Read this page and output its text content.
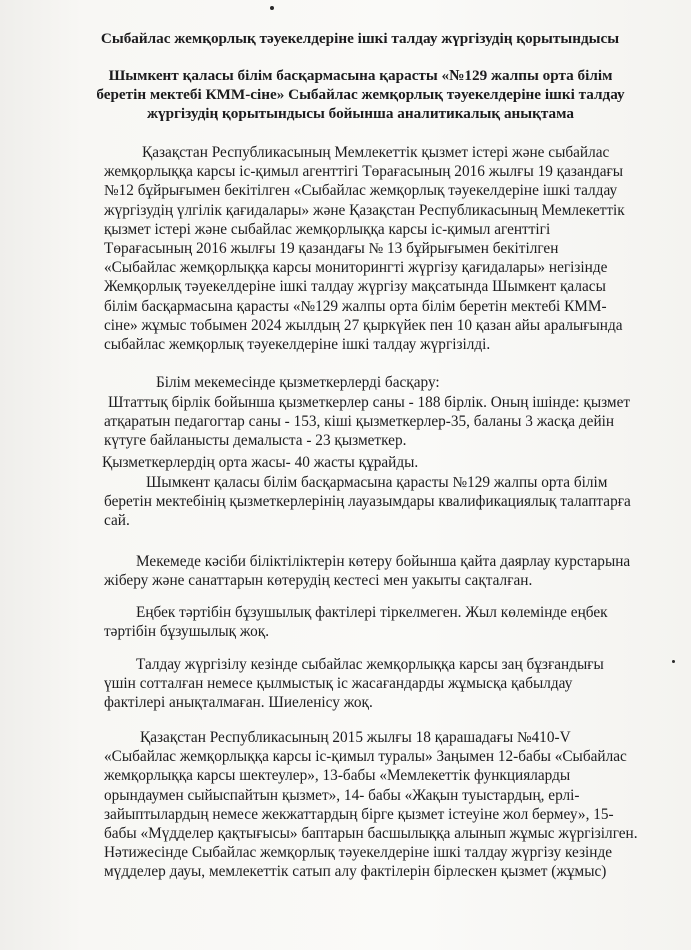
Сыбайлас жемқорлық тәуекелдеріне ішкі талдау жүргізудің қорытындысы
Шымкент қаласы білім басқармасына қарасты «№129 жалпы орта білім
беретін мектебі КММ-сіне» Сыбайлас жемқорлық тәуекелдеріне ішкі талдау
жүргізудің қорытындысы бойынша аналитикалық анықтама
Қазақстан Республикасының Мемлекеттік қызмет істері және сыбайлас
жемқорлыққа карсы іс-қимыл агенттігі Төрағасының 2016 жылғы 19 қазандағы
№12 бұйрығымен бекітілген «Сыбайлас жемқорлық тәуекелдеріне ішкі талдау
жүргізудің үлгілік қағидалары» және Қазақстан Республикасының Мемлекеттік
қызмет істері және сыбайлас жемқорлыққа карсы іс-қимыл агенттігі
Төрағасының 2016 жылғы 19 қазандағы № 13 бұйрығымен бекітілген
«Сыбайлас жемқорлыққа карсы мониторингті жүргізу қағидалары» негізінде
Жемқорлық тәуекелдеріне ішкі талдау жүргізу мақсатында Шымкент қаласы
білім басқармасына қарасты «№129 жалпы орта білім беретін мектебі КММ-
сіне» жұмыс тобымен 2024 жылдың 27 қыркүйек пен 10 қазан айы аралығында
сыбайлас жемқорлық тәуекелдеріне ішкі талдау жүргізілді.
Білім мекемесінде қызметкерлерді басқару:
Штаттық бірлік бойынша қызметкерлер саны - 188 бірлік. Оның ішінде: қызмет
атқаратын педагогтар саны - 153, кіші қызметкерлер-35, баланы 3 жасқа дейін
күтуге байланысты демалыста - 23 қызметкер.
Қызметкерлердің орта жасы- 40 жасты құрайды.
Шымкент қаласы білім басқармасына қарасты №129 жалпы орта білім
беретін мектебінің қызметкерлерінің лауазымдары квалификациялық талаптарға
сай.
Мекемеде кәсіби біліктіліктерін көтеру бойынша қайта даярлау курстарына
жіберу және санаттарын көтерудің кестесі мен уакыты сақталған.
Еңбек тәртібін бұзушылық фактілері тіркелмеген. Жыл көлемінде еңбек
тәртібін бұзушылық жоқ.
Талдау жүргізілу кезінде сыбайлас жемқорлыққа карсы заң бұзғандығы
үшін сотталған немесе қылмыстық іс жасағандарды жұмысқа қабылдау
фактілері анықталмаған. Шиеленісу жоқ.
Қазақстан Республикасының 2015 жылғы 18 қарашадағы №410-V
«Сыбайлас жемқорлыққа карсы іс-қимыл туралы» Заңымен 12-бабы «Сыбайлас
жемқорлыққа карсы шектеулер», 13-бабы «Мемлекеттік функцияларды
орындаумен сыйыспайтын қызмет», 14- бабы «Жақын туыстардың, ерлі-
зайыптылардың немесе жекжаттардың бірге қызмет істеуіне жол бермеу», 15-
бабы «Мүдделер қақтығысы» баптарын басшылыққа алынып жұмыс жүргізілген.
Нәтижесінде Сыбайлас жемқорлық тәуекелдеріне ішкі талдау жүргізу кезінде
мүдделер дауы, мемлекеттік сатып алу фактілерін бірлескен қызмет (жұмыс)
